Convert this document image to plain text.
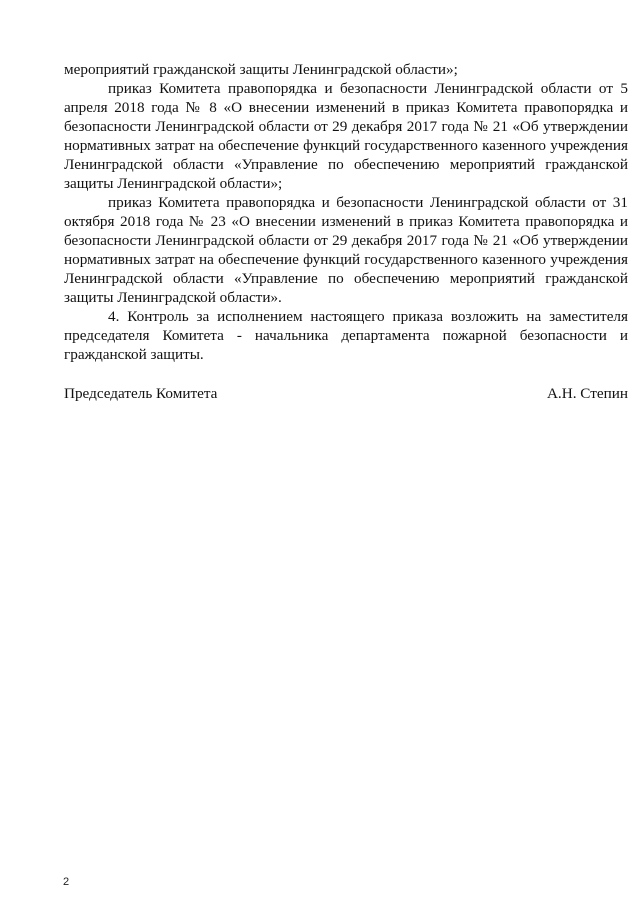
мероприятий гражданской защиты Ленинградской области»;

приказ Комитета правопорядка и безопасности Ленинградской области от 5 апреля 2018 года № 8 «О внесении изменений в приказ Комитета правопорядка и безопасности Ленинградской области от 29 декабря 2017 года № 21 «Об утверждении нормативных затрат на обеспечение функций государственного казенного учреждения Ленинградской области «Управление по обеспечению мероприятий гражданской защиты Ленинградской области»;

приказ Комитета правопорядка и безопасности Ленинградской области от 31 октября 2018 года № 23 «О внесении изменений в приказ Комитета правопорядка и безопасности Ленинградской области от 29 декабря 2017 года № 21 «Об утверждении нормативных затрат на обеспечение функций государственного казенного учреждения Ленинградской области «Управление по обеспечению мероприятий гражданской защиты Ленинградской области».

4. Контроль за исполнением настоящего приказа возложить на заместителя председателя Комитета - начальника департамента пожарной безопасности и гражданской защиты.

Председатель Комитета	А.Н. Степин
2
